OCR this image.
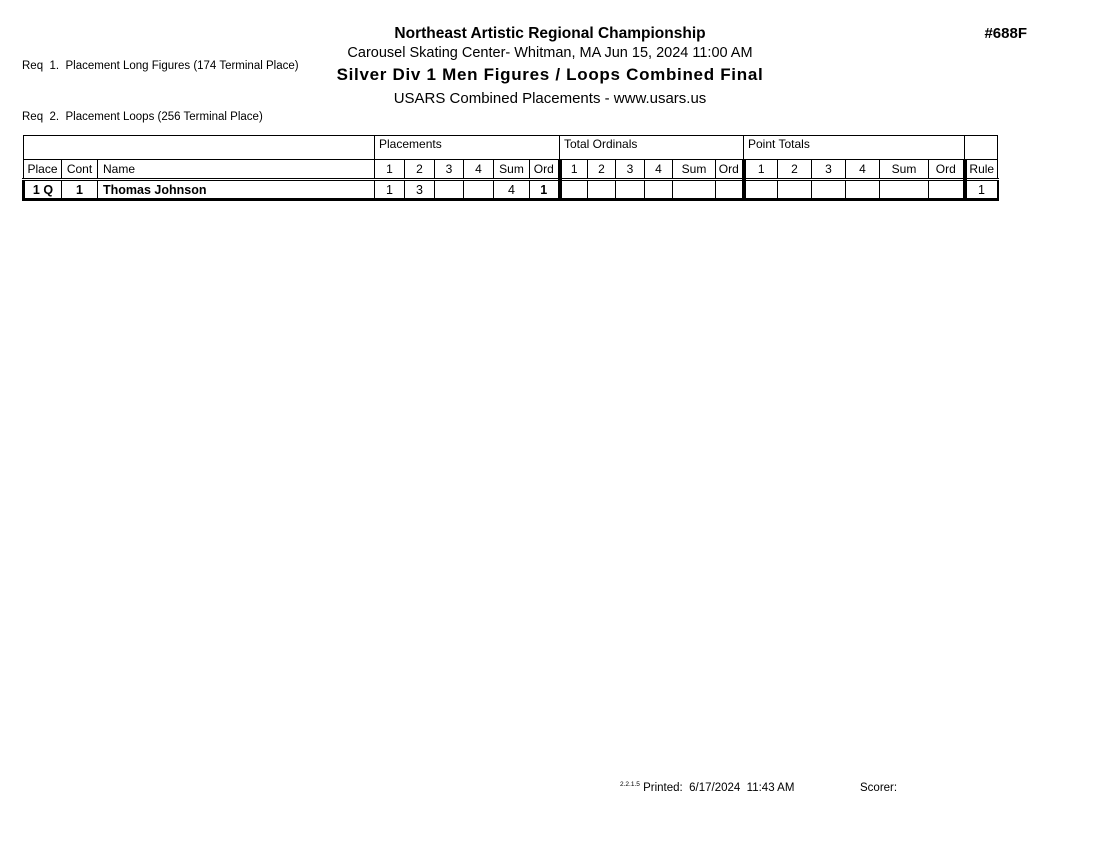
Req  1.  Placement Long Figures (174 Terminal Place)

Req  2.  Placement Loops (256 Terminal Place)

Northeast Artistic Regional Championship
Carousel Skating Center- Whitman, MA Jun 15, 2024 11:00 AM
Silver Div 1 Men Figures / Loops Combined Final
USARS Combined Placements - www.usars.us
#688F
			Placements						Total Ordinals						Point Totals						
Place	Cont	Name	1	2	3	4	Sum	Ord	1	2	3	4	Sum	Ord	1	2	3	4	Sum	Ord	Rule
1 Q	1	Thomas Johnson	1	3			4	1													1
$^{2.2.1.5}$ Printed: 6/17/2024  11:43 AM	Scorer:
